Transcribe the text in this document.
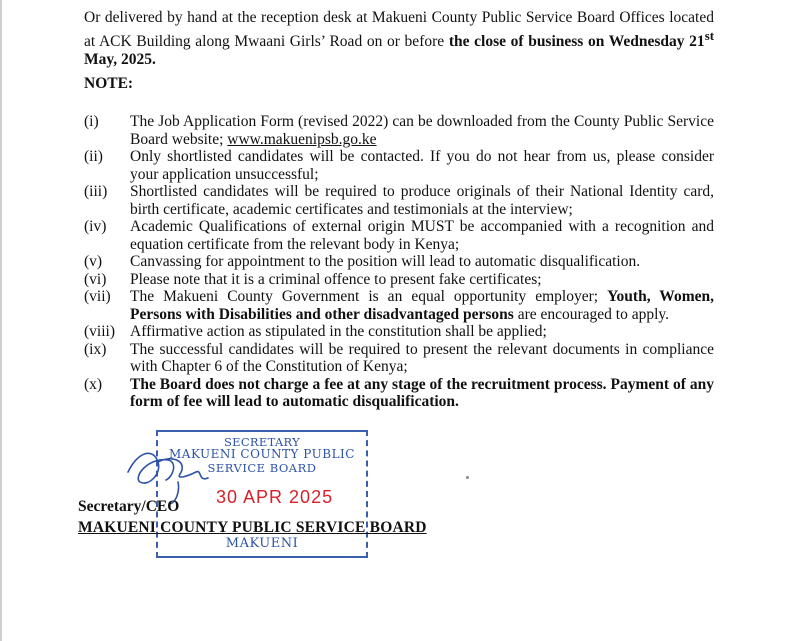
Or delivered by hand at the reception desk at Makueni County Public Service Board Offices located at ACK Building along Mwaani Girls’ Road on or before the close of business on Wednesday 21st May, 2025.
NOTE:
(i)	The Job Application Form (revised 2022) can be downloaded from the County Public Service Board website; www.makuenipsb.go.ke
(ii)	Only shortlisted candidates will be contacted. If you do not hear from us, please consider your application unsuccessful;
(iii)	Shortlisted candidates will be required to produce originals of their National Identity card, birth certificate, academic certificates and testimonials at the interview;
(iv)	Academic Qualifications of external origin MUST be accompanied with a recognition and equation certificate from the relevant body in Kenya;
(v)	Canvassing for appointment to the position will lead to automatic disqualification.
(vi)	Please note that it is a criminal offence to present fake certificates;
(vii)	The Makueni County Government is an equal opportunity employer; Youth, Women, Persons with Disabilities and other disadvantaged persons are encouraged to apply.
(viii) Affirmative action as stipulated in the constitution shall be applied;
(ix)	The successful candidates will be required to present the relevant documents in compliance with Chapter 6 of the Constitution of Kenya;
(x)	The Board does not charge a fee at any stage of the recruitment process. Payment of any form of fee will lead to automatic disqualification.
SECRETARY
MAKUENI COUNTY PUBLIC
SERVICE BOARD
30 APR 2025
MAKUENI
Secretary/CEO
MAKUENI COUNTY PUBLIC SERVICE BOARD
